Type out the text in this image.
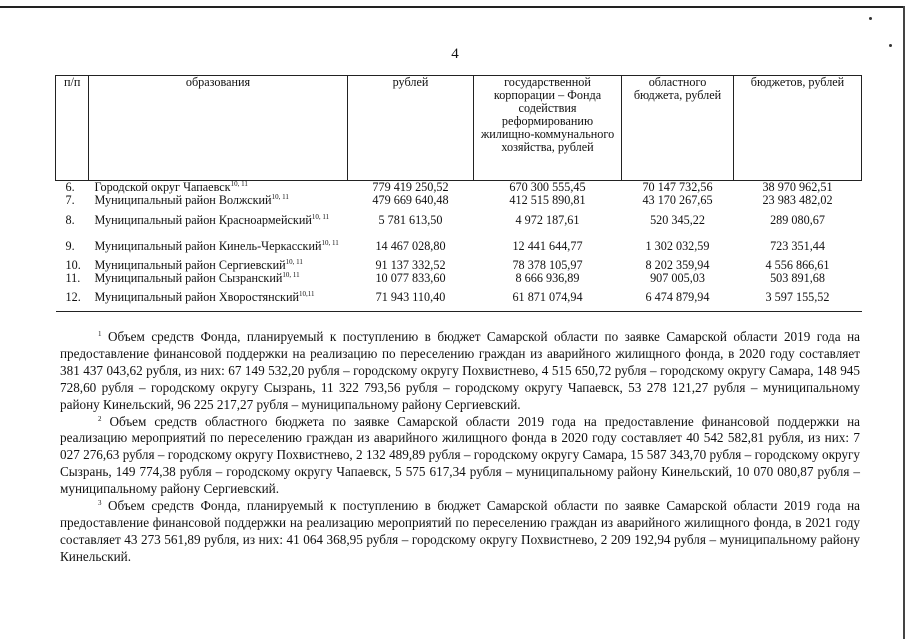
4
п/п	образования	рублей	государственной корпорации – Фонда содействия реформированию жилищно-коммунального хозяйства, рублей	областного бюджета, рублей	бюджетов, рублей
6.	Городской округ Чапаевск$^{10, 11}$	779 419 250,52	670 300 555,45	70 147 732,56	38 970 962,51
7.	Муниципальный район Волжский$^{10, 11}$	479 669 640,48	412 515 890,81	43 170 267,65	23 983 482,02
8.	Муниципальный район Красноармейский$^{10, 11}$	5 781 613,50	4 972 187,61	520 345,22	289 080,67
9.	Муниципальный район Кинель-Черкасский$^{10, 11}$	14 467 028,80	12 441 644,77	1 302 032,59	723 351,44
10.	Муниципальный район Сергиевский$^{10, 11}$	91 137 332,52	78 378 105,97	8 202 359,94	4 556 866,61
11.	Муниципальный район Сызранский$^{10, 11}$	10 077 833,60	8 666 936,89	907 005,03	503 891,68
12.	Муниципальный район Хворостянский$^{10,11}$	71 943 110,40	61 871 074,94	6 474 879,94	3 597 155,52

$^1$ Объем средств Фонда, планируемый к поступлению в бюджет Самарской области по заявке Самарской области 2019 года на предоставление финансовой поддержки на реализацию по переселению граждан из аварийного жилищного фонда, в 2020 году составляет 381 437 043,62 рубля, из них: 67 149 532,20 рубля – городскому округу Похвистнево, 4 515 650,72 рубля – городскому округу Самара, 148 945 728,60 рубля – городскому округу Сызрань, 11 322 793,56 рубля – городскому округу Чапаевск, 53 278 121,27 рубля – муниципальному району Кинельский, 96 225 217,27 рубля – муниципальному району Сергиевский.

$^2$ Объем средств областного бюджета по заявке Самарской области 2019 года на предоставление финансовой поддержки на реализацию мероприятий по переселению граждан из аварийного жилищного фонда в 2020 году составляет 40 542 582,81 рубля, из них: 7 027 276,63 рубля – городскому округу Похвистнево, 2 132 489,89 рубля – городскому округу Самара, 15 587 343,70 рубля – городскому округу Сызрань, 149 774,38 рубля – городскому округу Чапаевск, 5 575 617,34 рубля – муниципальному району Кинельский, 10 070 080,87 рубля – муниципальному району Сергиевский.

$^3$ Объем средств Фонда, планируемый к поступлению в бюджет Самарской области по заявке Самарской области 2019 года на предоставление финансовой поддержки на реализацию мероприятий по переселению граждан из аварийного жилищного фонда, в 2021 году составляет 43 273 561,89 рубля, из них: 41 064 368,95 рубля – городскому округу Похвистнево, 2 209 192,94 рубля – муниципальному району Кинельский.
